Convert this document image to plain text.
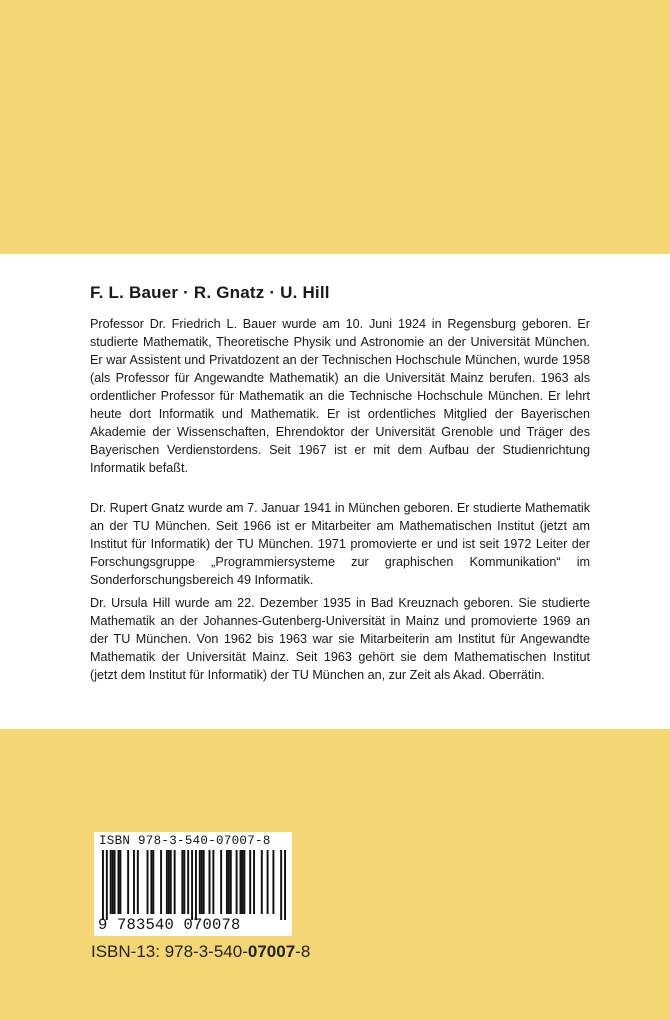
F. L. Bauer · R. Gnatz · U. Hill

Professor Dr. Friedrich L. Bauer wurde am 10. Juni 1924 in Regensburg geboren. Er studierte Mathematik, Theoretische Physik und Astronomie an der Universität München. Er war Assistent und Privatdozent an der Technischen Hochschule München, wurde 1958 (als Professor für Angewandte Mathematik) an die Universität Mainz berufen. 1963 als ordentlicher Professor für Mathematik an die Technische Hochschule München. Er lehrt heute dort Informatik und Mathematik. Er ist ordentliches Mitglied der Bayerischen Akademie der Wissenschaften, Ehrendoktor der Universität Grenoble und Träger des Bayerischen Verdienstordens. Seit 1967 ist er mit dem Aufbau der Studienrichtung Informatik befaßt.

Dr. Rupert Gnatz wurde am 7. Januar 1941 in München geboren. Er studierte Mathematik an der TU München. Seit 1966 ist er Mitarbeiter am Mathematischen Institut (jetzt am Institut für Informatik) der TU München. 1971 promovierte er und ist seit 1972 Leiter der Forschungsgruppe „Programmiersysteme zur graphischen Kommunikation“ im Sonderforschungsbereich 49 Informatik.

Dr. Ursula Hill wurde am 22. Dezember 1935 in Bad Kreuznach geboren. Sie studierte Mathematik an der Johannes-Gutenberg-Universität in Mainz und promovierte 1969 an der TU München. Von 1962 bis 1963 war sie Mitarbeiterin am Institut für Angewandte Mathematik der Universität Mainz. Seit 1963 gehört sie dem Mathematischen Institut (jetzt dem Institut für Informatik) der TU München an, zur Zeit als Akad. Oberrätin.

ISBN 978-3-540-07007-8
9 783540 070078
ISBN-13: 978-3-540-07007-8
